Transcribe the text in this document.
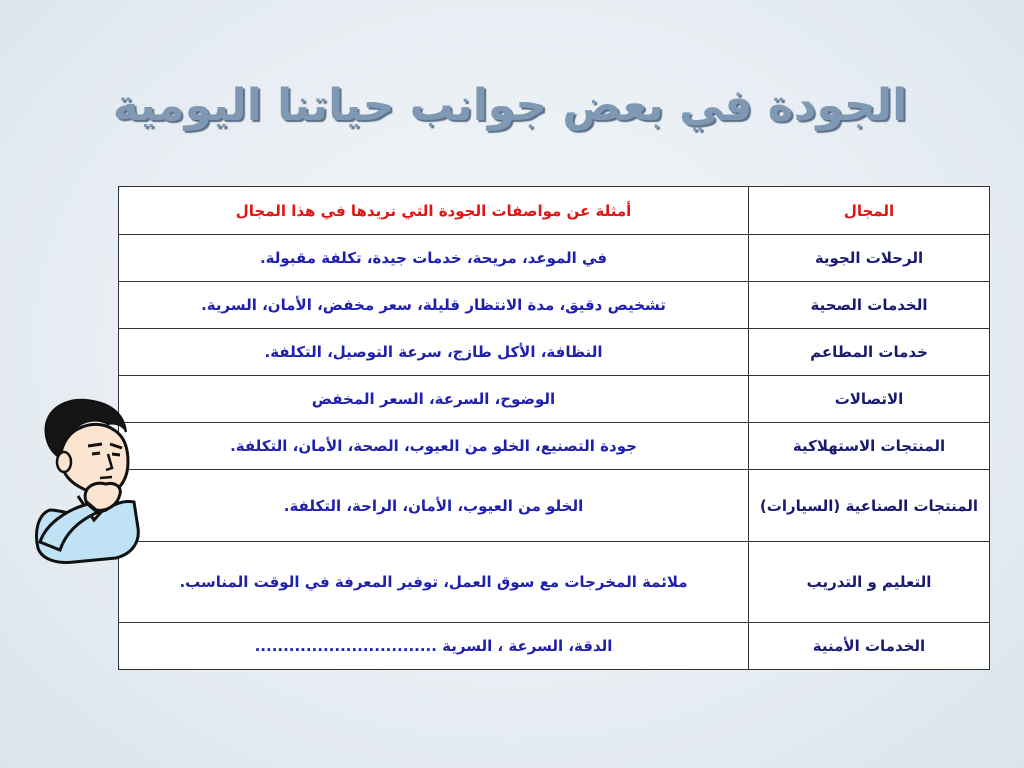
الجودة في بعض جوانب حياتنا اليومية
المجال	أمثلة عن مواصفات الجودة التي نريدها في هذا المجال
الرحلات الجوية	في الموعد، مريحة، خدمات جيدة، تكلفة مقبولة.
الخدمات الصحية	تشخيص دقيق، مدة الانتظار قليلة، سعر مخفض، الأمان، السرية.
خدمات المطاعم	النظافة، الأكل طازج، سرعة التوصيل، التكلفة.
الاتصالات	الوضوح، السرعة، السعر المخفض
المنتجات الاستهلاكية	جودة التصنيع، الخلو من العيوب، الصحة، الأمان، التكلفة.
المنتجات الصناعية (السيارات)	الخلو من العيوب، الأمان، الراحة، التكلفة.
التعليم و التدريب	ملائمة المخرجات مع سوق العمل، توفير المعرفة في الوقت المناسب.
الخدمات الأمنية	الدقة، السرعة ، السرية ................................
